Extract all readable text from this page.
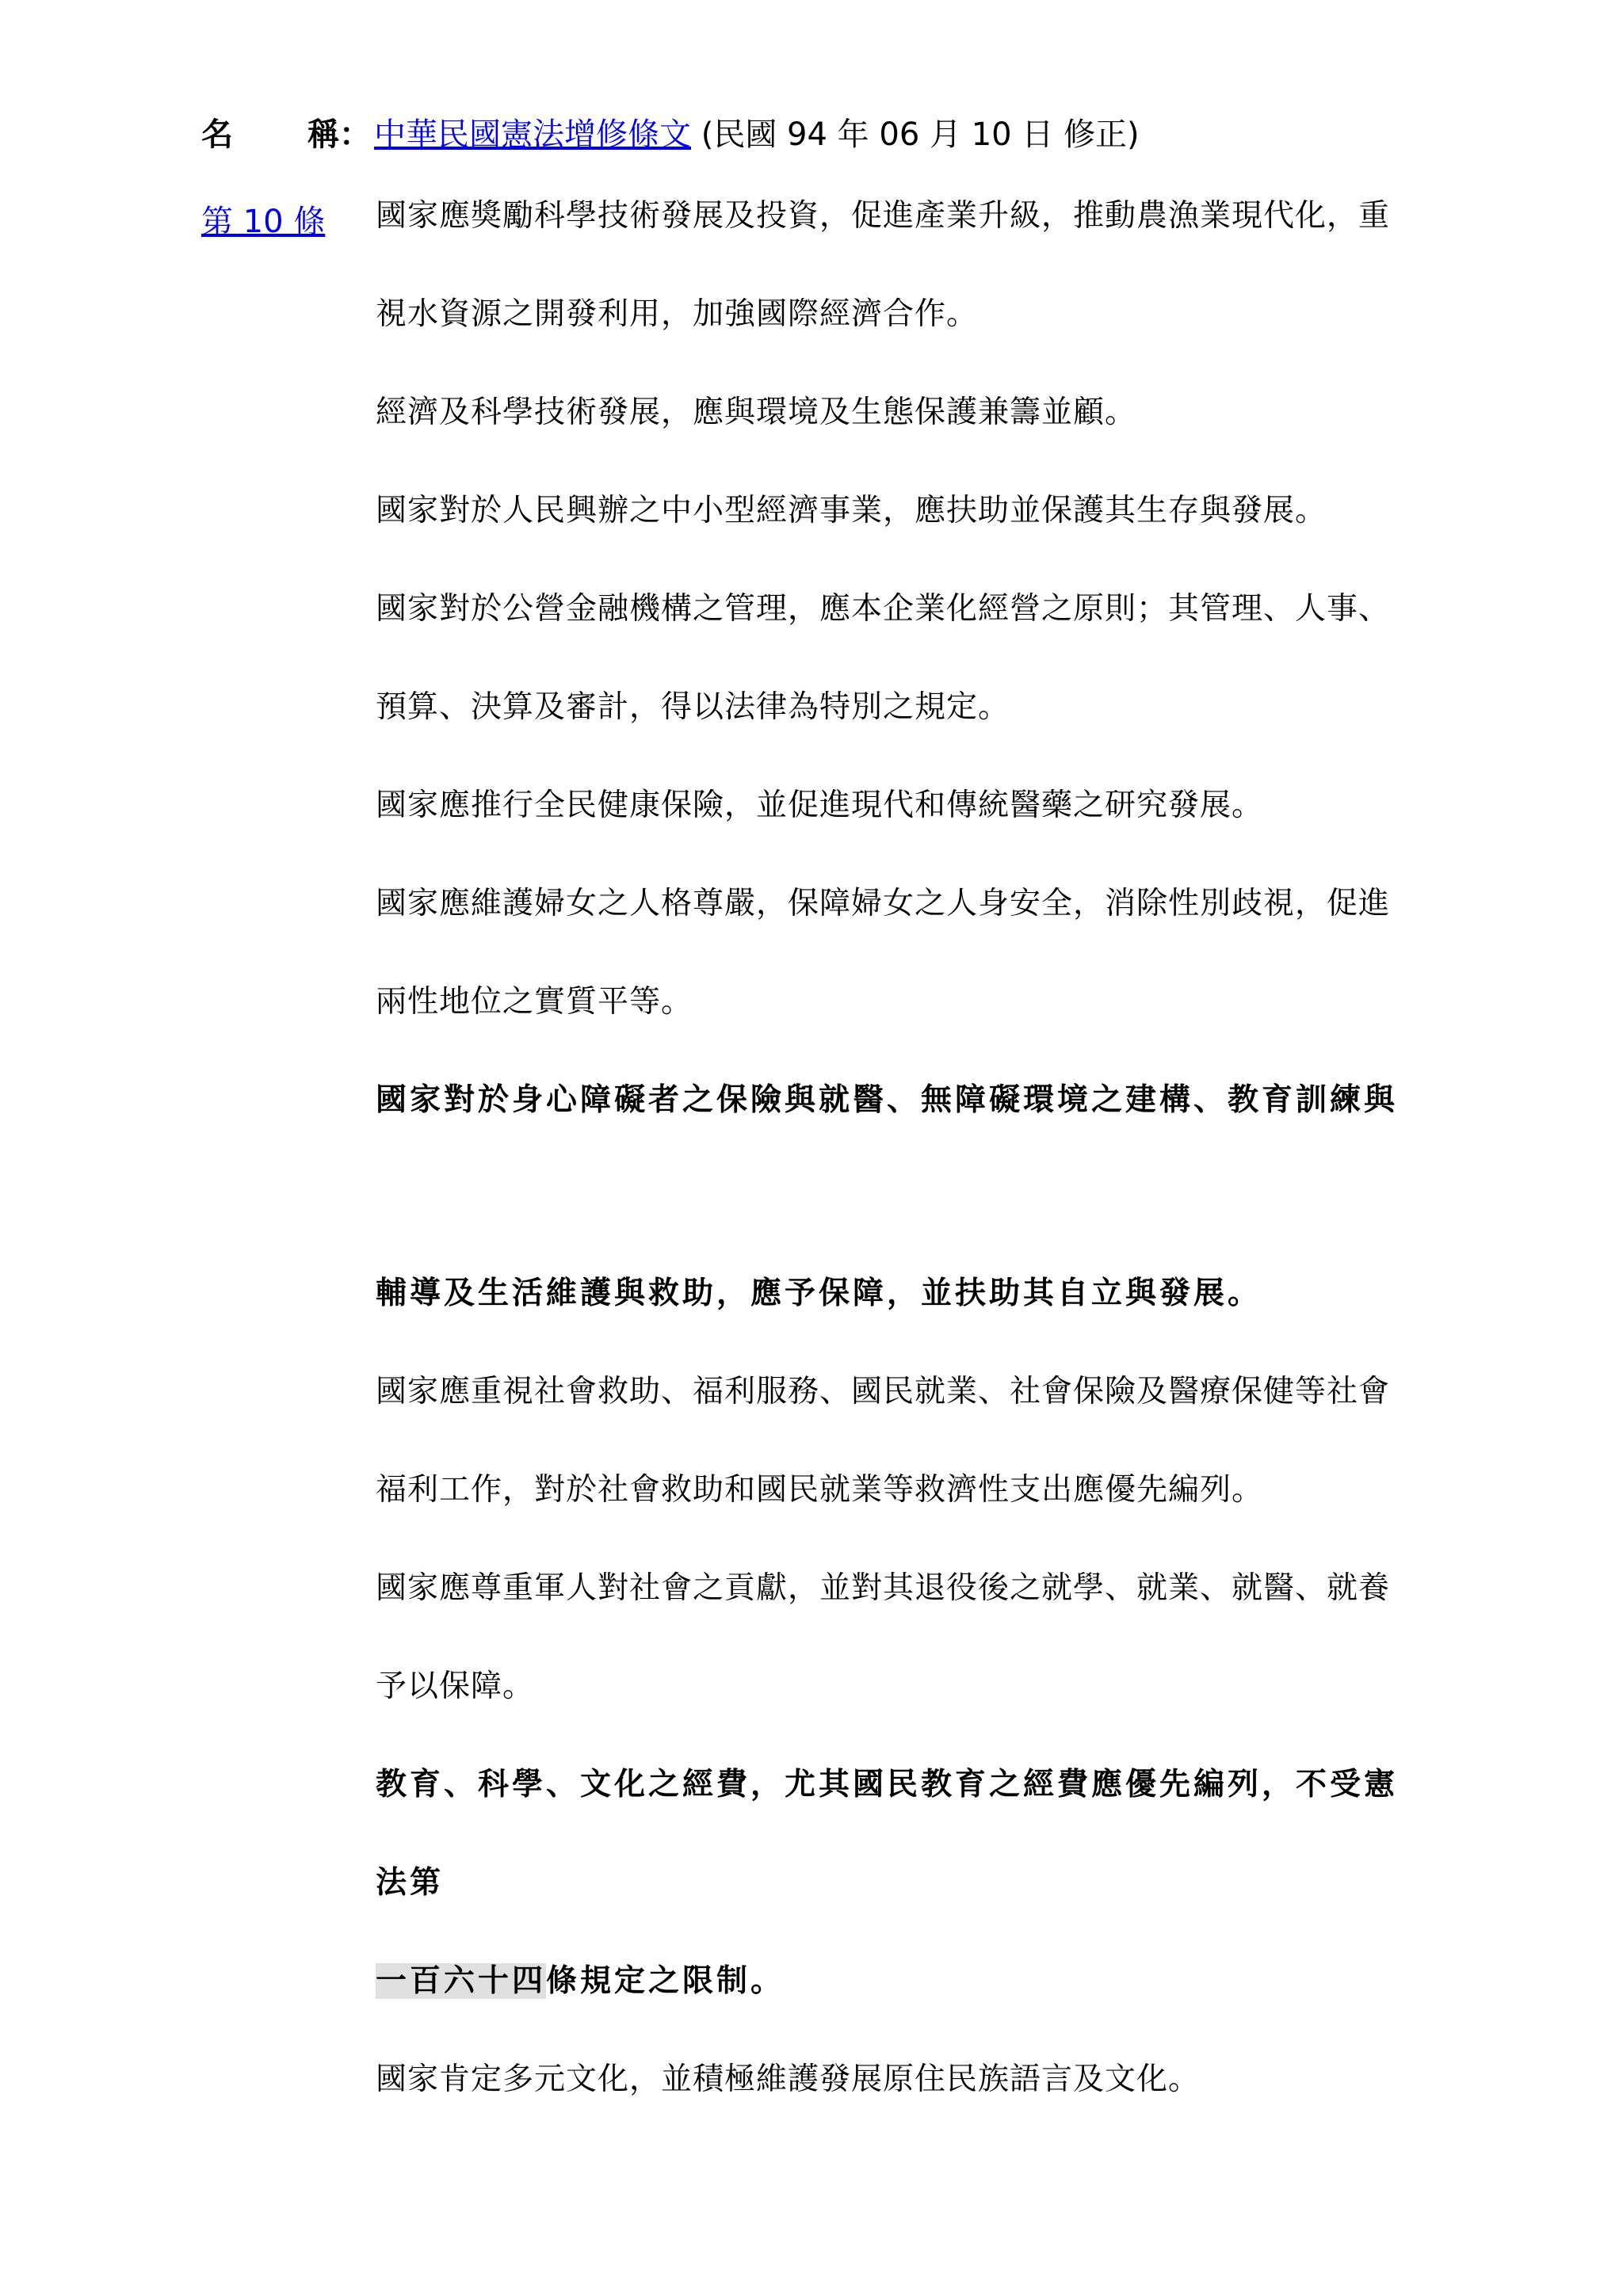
名 稱： 中華民國憲法增修條文 (民國 94 年 06 月 10 日 修正)
第 10 條	國家應獎勵科學技術發展及投資，促進產業升級，推動農漁業現代化，重
視水資源之開發利用，加強國際經濟合作。
經濟及科學技術發展，應與環境及生態保護兼籌並顧。
國家對於人民興辦之中小型經濟事業，應扶助並保護其生存與發展。
國家對於公營金融機構之管理，應本企業化經營之原則；其管理、人事、
預算、決算及審計，得以法律為特別之規定。
國家應推行全民健康保險，並促進現代和傳統醫藥之研究發展。
國家應維護婦女之人格尊嚴，保障婦女之人身安全，消除性別歧視，促進
兩性地位之實質平等。
國家對於身心障礙者之保險與就醫、無障礙環境之建構、教育訓練與
輔導及生活維護與救助，應予保障，並扶助其自立與發展。
國家應重視社會救助、福利服務、國民就業、社會保險及醫療保健等社會
福利工作，對於社會救助和國民就業等救濟性支出應優先編列。
國家應尊重軍人對社會之貢獻，並對其退役後之就學、就業、就醫、就養
予以保障。
教育、科學、文化之經費，尤其國民教育之經費應優先編列，不受憲
法第
一百六十四條規定之限制。
國家肯定多元文化，並積極維護發展原住民族語言及文化。
